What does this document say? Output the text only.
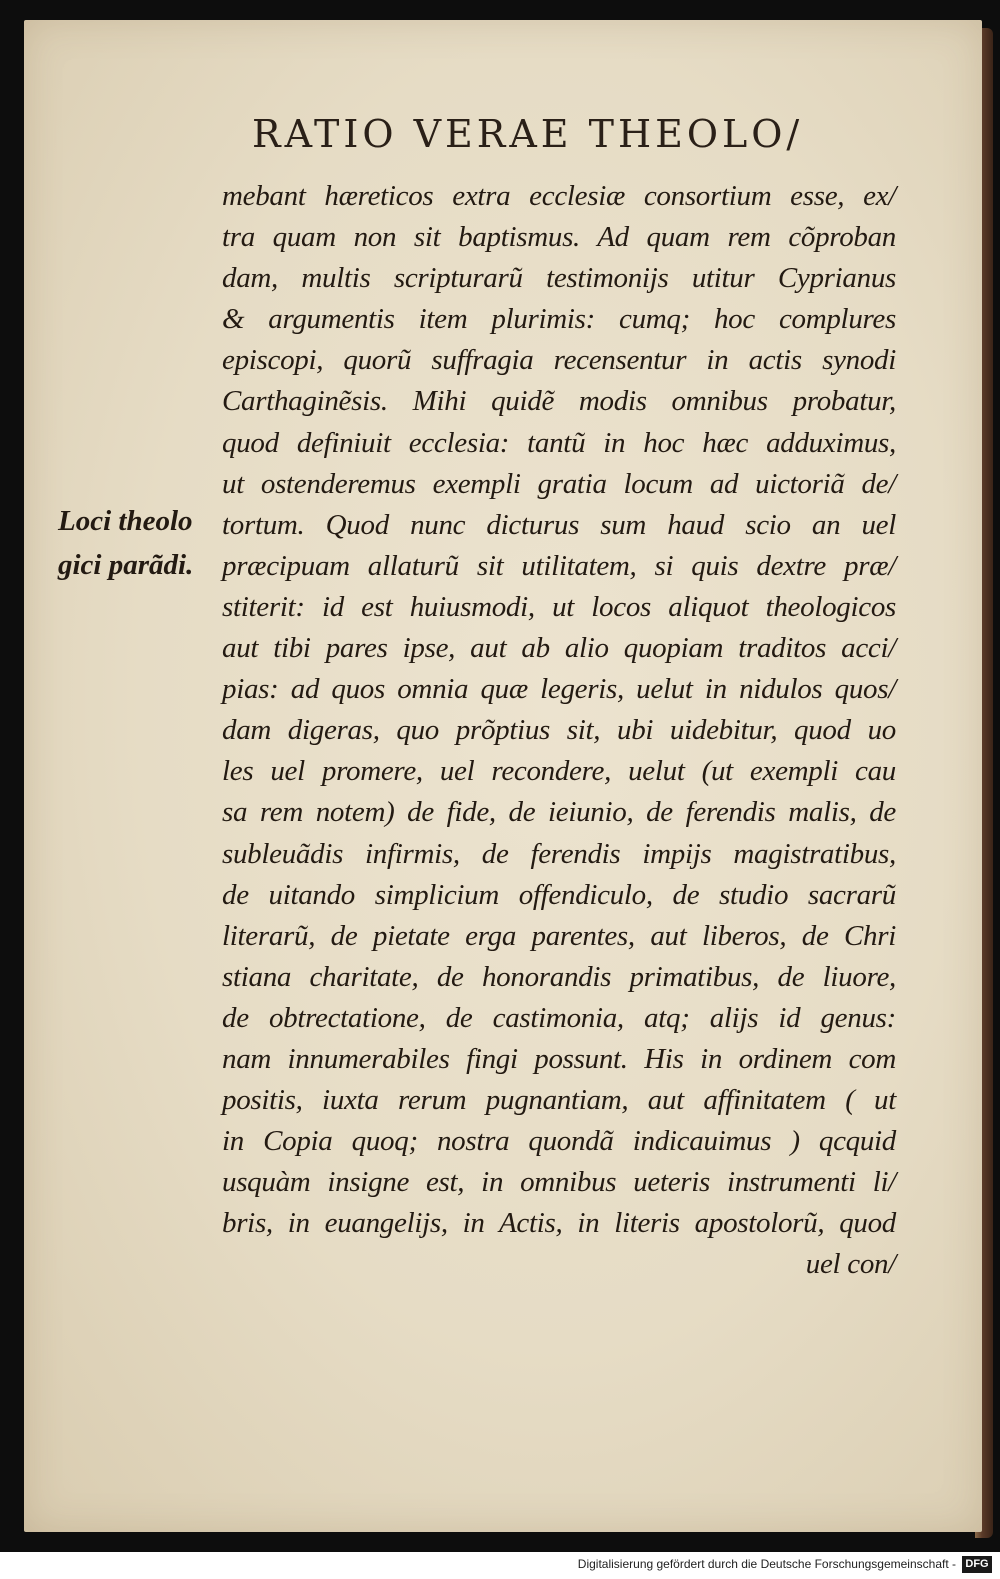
RATIO VERAE THEOLO/
Loci theolo
gici parãdi.
mebant hæreticos extra ecclesiæ consortium esse, ex/
tra quam non sit baptismus. Ad quam rem cõproban
dam, multis scripturarũ testimonijs utitur Cyprianus
& argumentis item plurimis: cumq; hoc complures
episcopi, quorũ suffragia recensentur in actis synodi
Carthaginẽsis. Mihi quidẽ modis omnibus probatur,
quod definiuit ecclesia: tantũ in hoc hæc adduximus,
ut ostenderemus exempli gratia locum ad uictoriã de/
tortum. Quod nunc dicturus sum haud scio an uel
præcipuam allaturũ sit utilitatem, si quis dextre præ/
stiterit: id est huiusmodi, ut locos aliquot theologicos
aut tibi pares ipse, aut ab alio quopiam traditos acci/
pias: ad quos omnia quæ legeris, uelut in nidulos quos/
dam digeras, quo prõptius sit, ubi uidebitur, quod uo
les uel promere, uel recondere, uelut (ut exempli cau
sa rem notem) de fide, de ieiunio, de ferendis malis, de
subleuãdis infirmis, de ferendis impijs magistratibus,
de uitando simplicium offendiculo, de studio sacrarũ
literarũ, de pietate erga parentes, aut liberos, de Chri
stiana charitate, de honorandis primatibus, de liuore,
de obtrectatione, de castimonia, atq; alijs id genus:
nam innumerabiles fingi possunt. His in ordinem com
positis, iuxta rerum pugnantiam, aut affinitatem ( ut
in Copia quoq; nostra quondã indicauimus ) qcquid
usquàm insigne est, in omnibus ueteris instrumenti li/
bris, in euangelijs, in Actis, in literis apostolorũ, quod
uel con/
Digitalisierung gefördert durch die Deutsche Forschungsgemeinschaft - DFG
